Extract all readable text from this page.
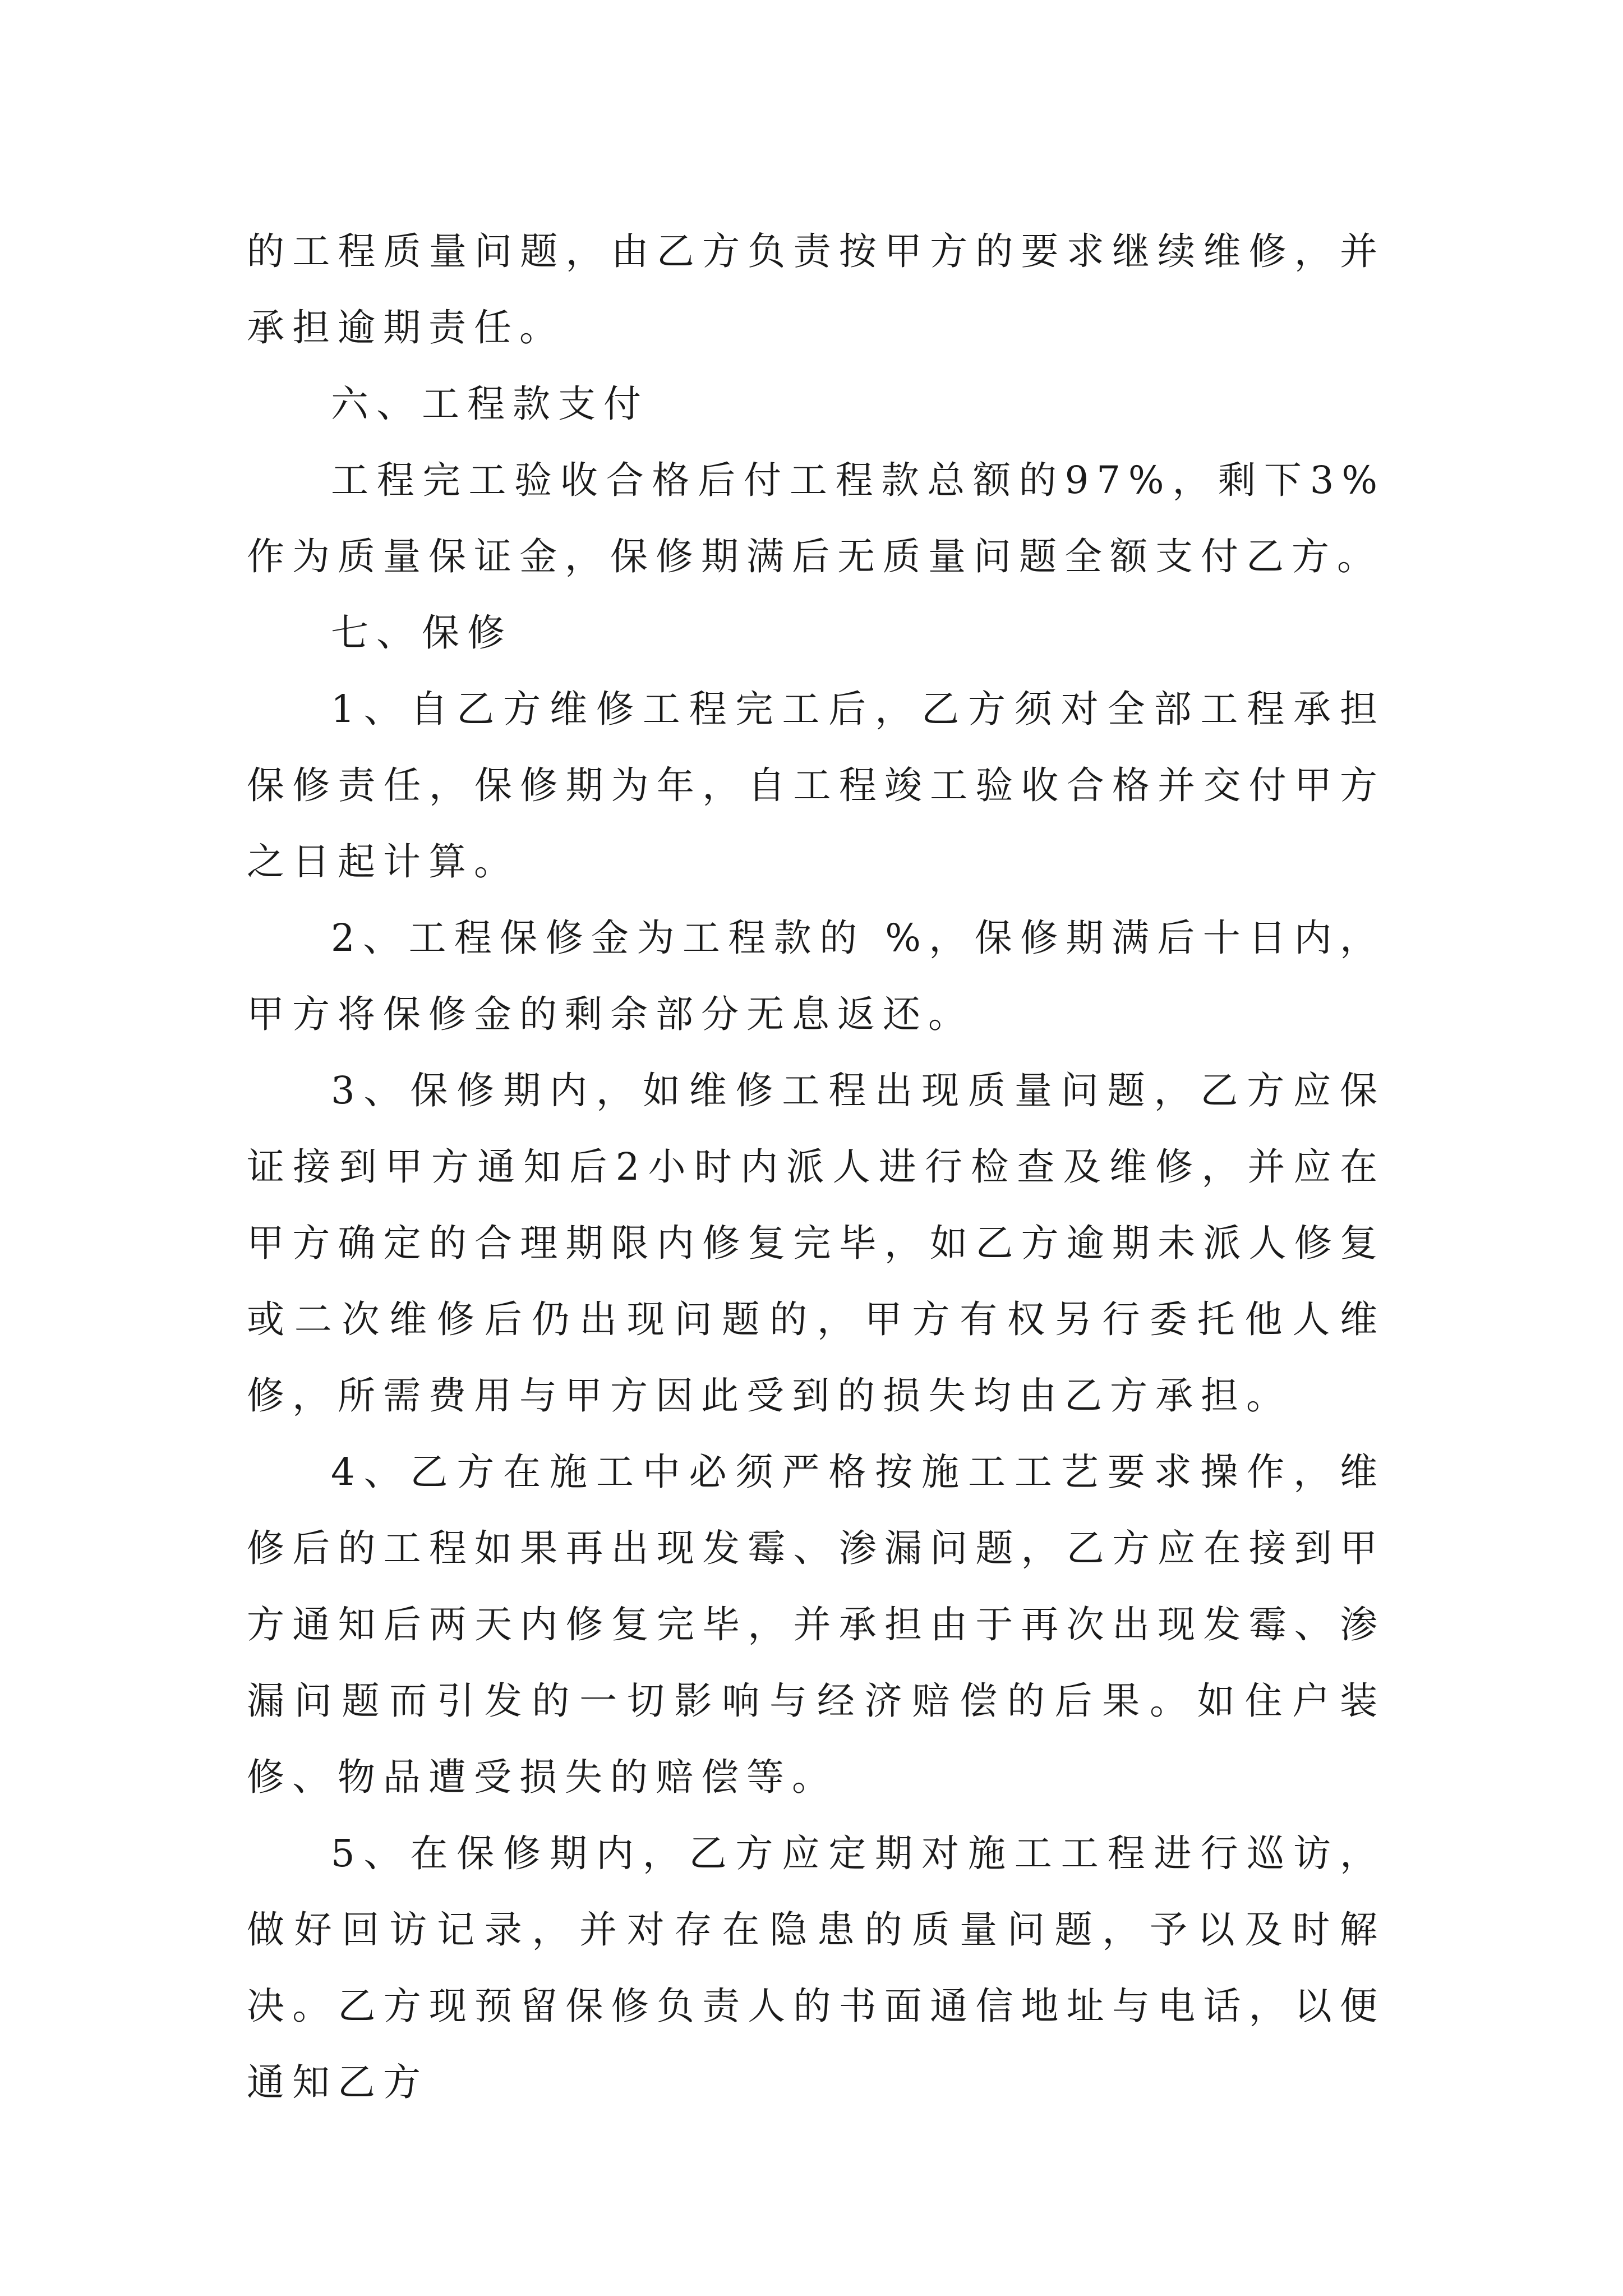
的工程质量问题，由乙方负责按甲方的要求继续维修，并承担逾期责任。

六、工程款支付

工程完工验收合格后付工程款总额的97%，剩下3%作为质量保证金，保修期满后无质量问题全额支付乙方。

七、保修

1、自乙方维修工程完工后，乙方须对全部工程承担保修责任，保修期为年，自工程竣工验收合格并交付甲方之日起计算。

2、工程保修金为工程款的 %，保修期满后十日内，甲方将保修金的剩余部分无息返还。

3、保修期内，如维修工程出现质量问题，乙方应保证接到甲方通知后2小时内派人进行检查及维修，并应在甲方确定的合理期限内修复完毕，如乙方逾期未派人修复或二次维修后仍出现问题的，甲方有权另行委托他人维修，所需费用与甲方因此受到的损失均由乙方承担。

4、乙方在施工中必须严格按施工工艺要求操作，维修后的工程如果再出现发霉、渗漏问题，乙方应在接到甲方通知后两天内修复完毕，并承担由于再次出现发霉、渗漏问题而引发的一切影响与经济赔偿的后果。如住户装修、物品遭受损失的赔偿等。

5、在保修期内，乙方应定期对施工工程进行巡访，做好回访记录，并对存在隐患的质量问题，予以及时解决。乙方现预留保修负责人的书面通信地址与电话，以便通知乙方
